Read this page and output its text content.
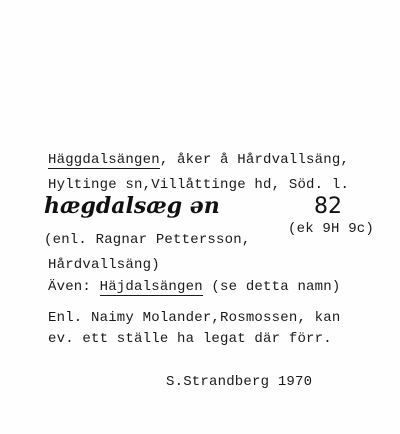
Häggdalsängen, åker å Hårdvallsäng,
Hyltinge sn,Villåttinge hd, Söd. l.
hægdalsæg ən	82
(ek 9H 9c)
(enl. Ragnar Pettersson,
Hårdvallsäng)
Även: Häjdalsängen (se detta namn)
Enl. Naimy Molander,Rosmossen, kan
ev. ett ställe ha legat där förr.
S.Strandberg 1970
